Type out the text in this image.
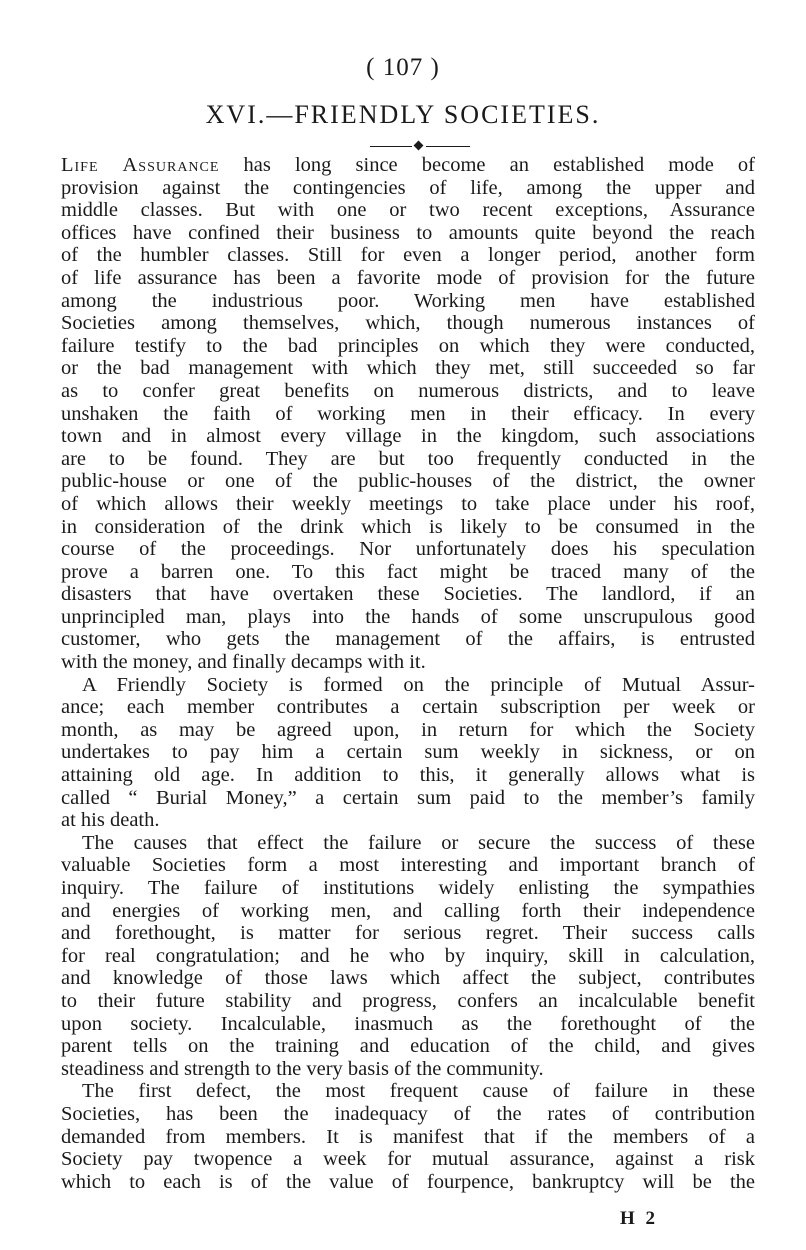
( 107 )
XVI.—FRIENDLY SOCIETIES.
Life Assurance has long since become an established mode of
provision against the contingencies of life, among the upper and
middle classes. But with one or two recent exceptions, Assurance
offices have confined their business to amounts quite beyond the reach
of the humbler classes. Still for even a longer period, another form
of life assurance has been a favorite mode of provision for the future
among the industrious poor. Working men have established
Societies among themselves, which, though numerous instances of
failure testify to the bad principles on which they were conducted,
or the bad management with which they met, still succeeded so far
as to confer great benefits on numerous districts, and to leave
unshaken the faith of working men in their efficacy. In every
town and in almost every village in the kingdom, such associations
are to be found. They are but too frequently conducted in the
public-house or one of the public-houses of the district, the owner
of which allows their weekly meetings to take place under his roof,
in consideration of the drink which is likely to be consumed in the
course of the proceedings. Nor unfortunately does his speculation
prove a barren one. To this fact might be traced many of the
disasters that have overtaken these Societies. The landlord, if an
unprincipled man, plays into the hands of some unscrupulous good
customer, who gets the management of the affairs, is entrusted
with the money, and finally decamps with it.
A Friendly Society is formed on the principle of Mutual Assur-
ance; each member contributes a certain subscription per week or
month, as may be agreed upon, in return for which the Society
undertakes to pay him a certain sum weekly in sickness, or on
attaining old age. In addition to this, it generally allows what is
called “ Burial Money,” a certain sum paid to the member’s family
at his death.
The causes that effect the failure or secure the success of these
valuable Societies form a most interesting and important branch of
inquiry. The failure of institutions widely enlisting the sympathies
and energies of working men, and calling forth their independence
and forethought, is matter for serious regret. Their success calls
for real congratulation; and he who by inquiry, skill in calculation,
and knowledge of those laws which affect the subject, contributes
to their future stability and progress, confers an incalculable benefit
upon society. Incalculable, inasmuch as the forethought of the
parent tells on the training and education of the child, and gives
steadiness and strength to the very basis of the community.
The first defect, the most frequent cause of failure in these
Societies, has been the inadequacy of the rates of contribution
demanded from members. It is manifest that if the members of a
Society pay twopence a week for mutual assurance, against a risk
which to each is of the value of fourpence, bankruptcy will be the
H 2
